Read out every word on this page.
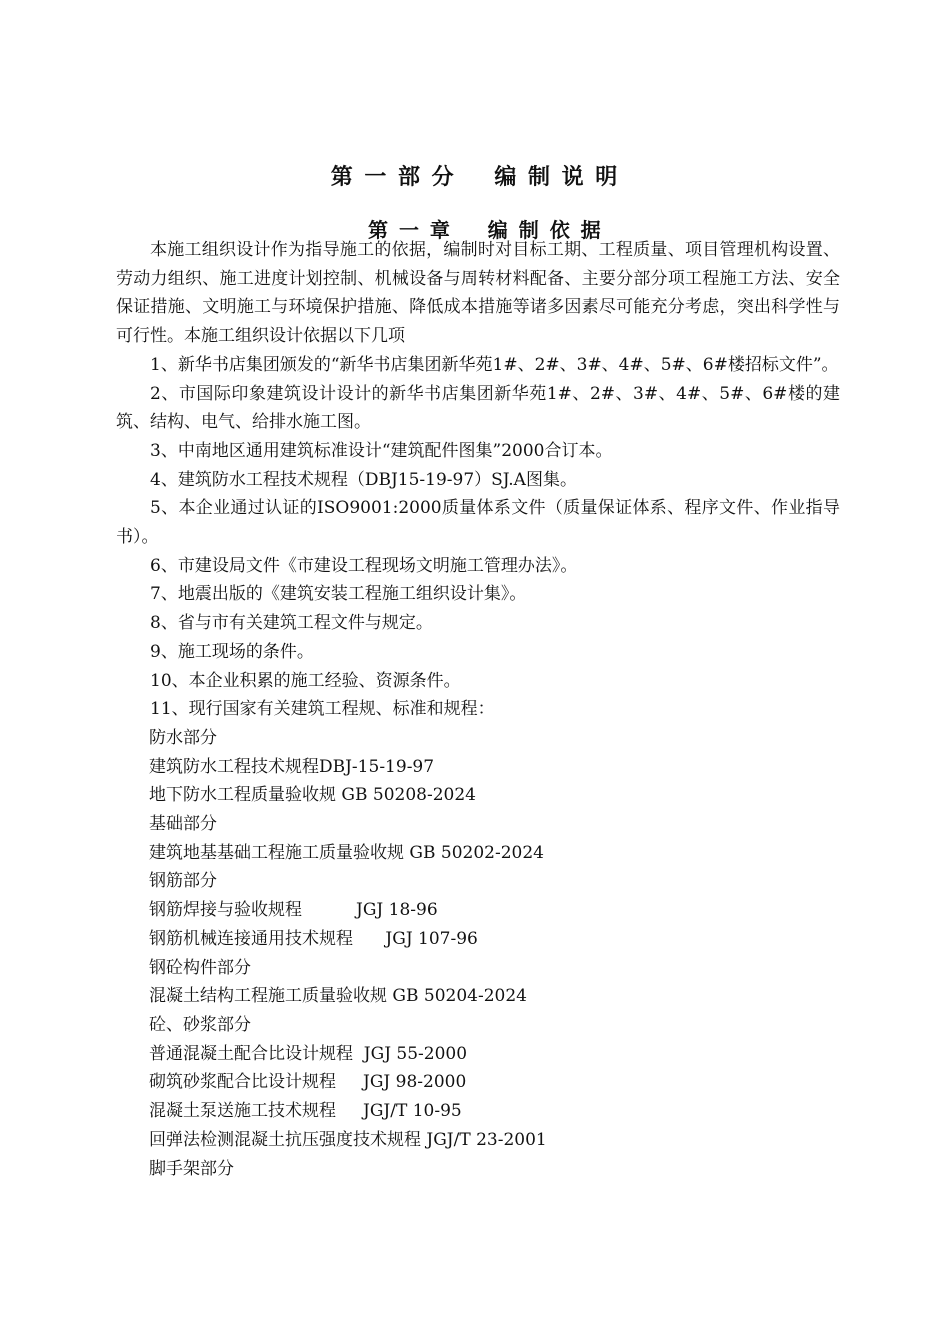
第 一 部 分    编 制 说 明
第 一 章    编 制 依 据

本施工组织设计作为指导施工的依据，编制时对目标工期、工程质量、项目管理机构设置、劳动力组织、施工进度计划控制、机械设备与周转材料配备、主要分部分项工程施工方法、安全保证措施、文明施工与环境保护措施、降低成本措施等诸多因素尽可能充分考虑，突出科学性与可行性。本施工组织设计依据以下几项

1、新华书店集团颁发的“新华书店集团新华苑1#、2#、3#、4#、5#、6#楼招标文件”。

2、市国际印象建筑设计设计的新华书店集团新华苑1#、2#、3#、4#、5#、6#楼的建筑、结构、电气、给排水施工图。

3、中南地区通用建筑标准设计“建筑配件图集”2000合订本。

4、建筑防水工程技术规程（DBJ15-19-97）SJ.A图集。

5、本企业通过认证的ISO9001:2000质量体系文件（质量保证体系、程序文件、作业指导书）。

6、市建设局文件《市建设工程现场文明施工管理办法》。

7、地震出版的《建筑安装工程施工组织设计集》。

8、省与市有关建筑工程文件与规定。

9、施工现场的条件。

10、本企业积累的施工经验、资源条件。

11、现行国家有关建筑工程规、标准和规程：

防水部分

建筑防水工程技术规程DBJ-15-19-97

地下防水工程质量验收规 GB 50208-2024

基础部分

建筑地基基础工程施工质量验收规 GB 50202-2024

钢筋部分

钢筋焊接与验收规程          JGJ 18-96

钢筋机械连接通用技术规程      JGJ 107-96

钢砼构件部分

混凝土结构工程施工质量验收规 GB 50204-2024

砼、砂浆部分

普通混凝土配合比设计规程  JGJ 55-2000

砌筑砂浆配合比设计规程     JGJ 98-2000

混凝土泵送施工技术规程     JGJ/T 10-95

回弹法检测混凝土抗压强度技术规程 JGJ/T 23-2001

脚手架部分
